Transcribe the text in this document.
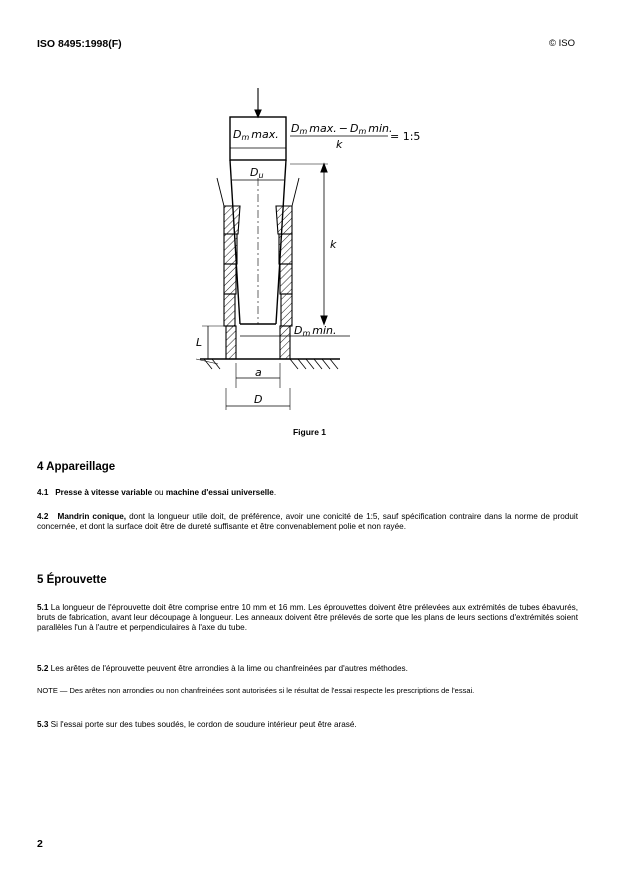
ISO 8495:1998(F)	© ISO
Dm max. Dm max. − Dm min.
k
= 1:5
Du
k
Dm min.
L
a
D
Figure 1
4 Appareillage
4.1 Presse à vitesse variable ou machine d'essai universelle.
4.2 Mandrin conique, dont la longueur utile doit, de préférence, avoir une conicité de 1:5, sauf spécification contraire dans la norme de produit concernée, et dont la surface doit être de dureté suffisante et être convenablement polie et non rayée.
5 Éprouvette
5.1 La longueur de l'éprouvette doit être comprise entre 10 mm et 16 mm. Les éprouvettes doivent être prélevées aux extrémités de tubes ébavurés, bruts de fabrication, avant leur découpage à longueur. Les anneaux doivent être prélevés de sorte que les plans de leurs sections d'extrémités soient parallèles l'un à l'autre et perpendiculaires à l'axe du tube.
5.2 Les arêtes de l'éprouvette peuvent être arrondies à la lime ou chanfreinées par d'autres méthodes.
NOTE — Des arêtes non arrondies ou non chanfreinées sont autorisées si le résultat de l'essai respecte les prescriptions de l'essai.
5.3 Si l'essai porte sur des tubes soudés, le cordon de soudure intérieur peut être arasé.
2
